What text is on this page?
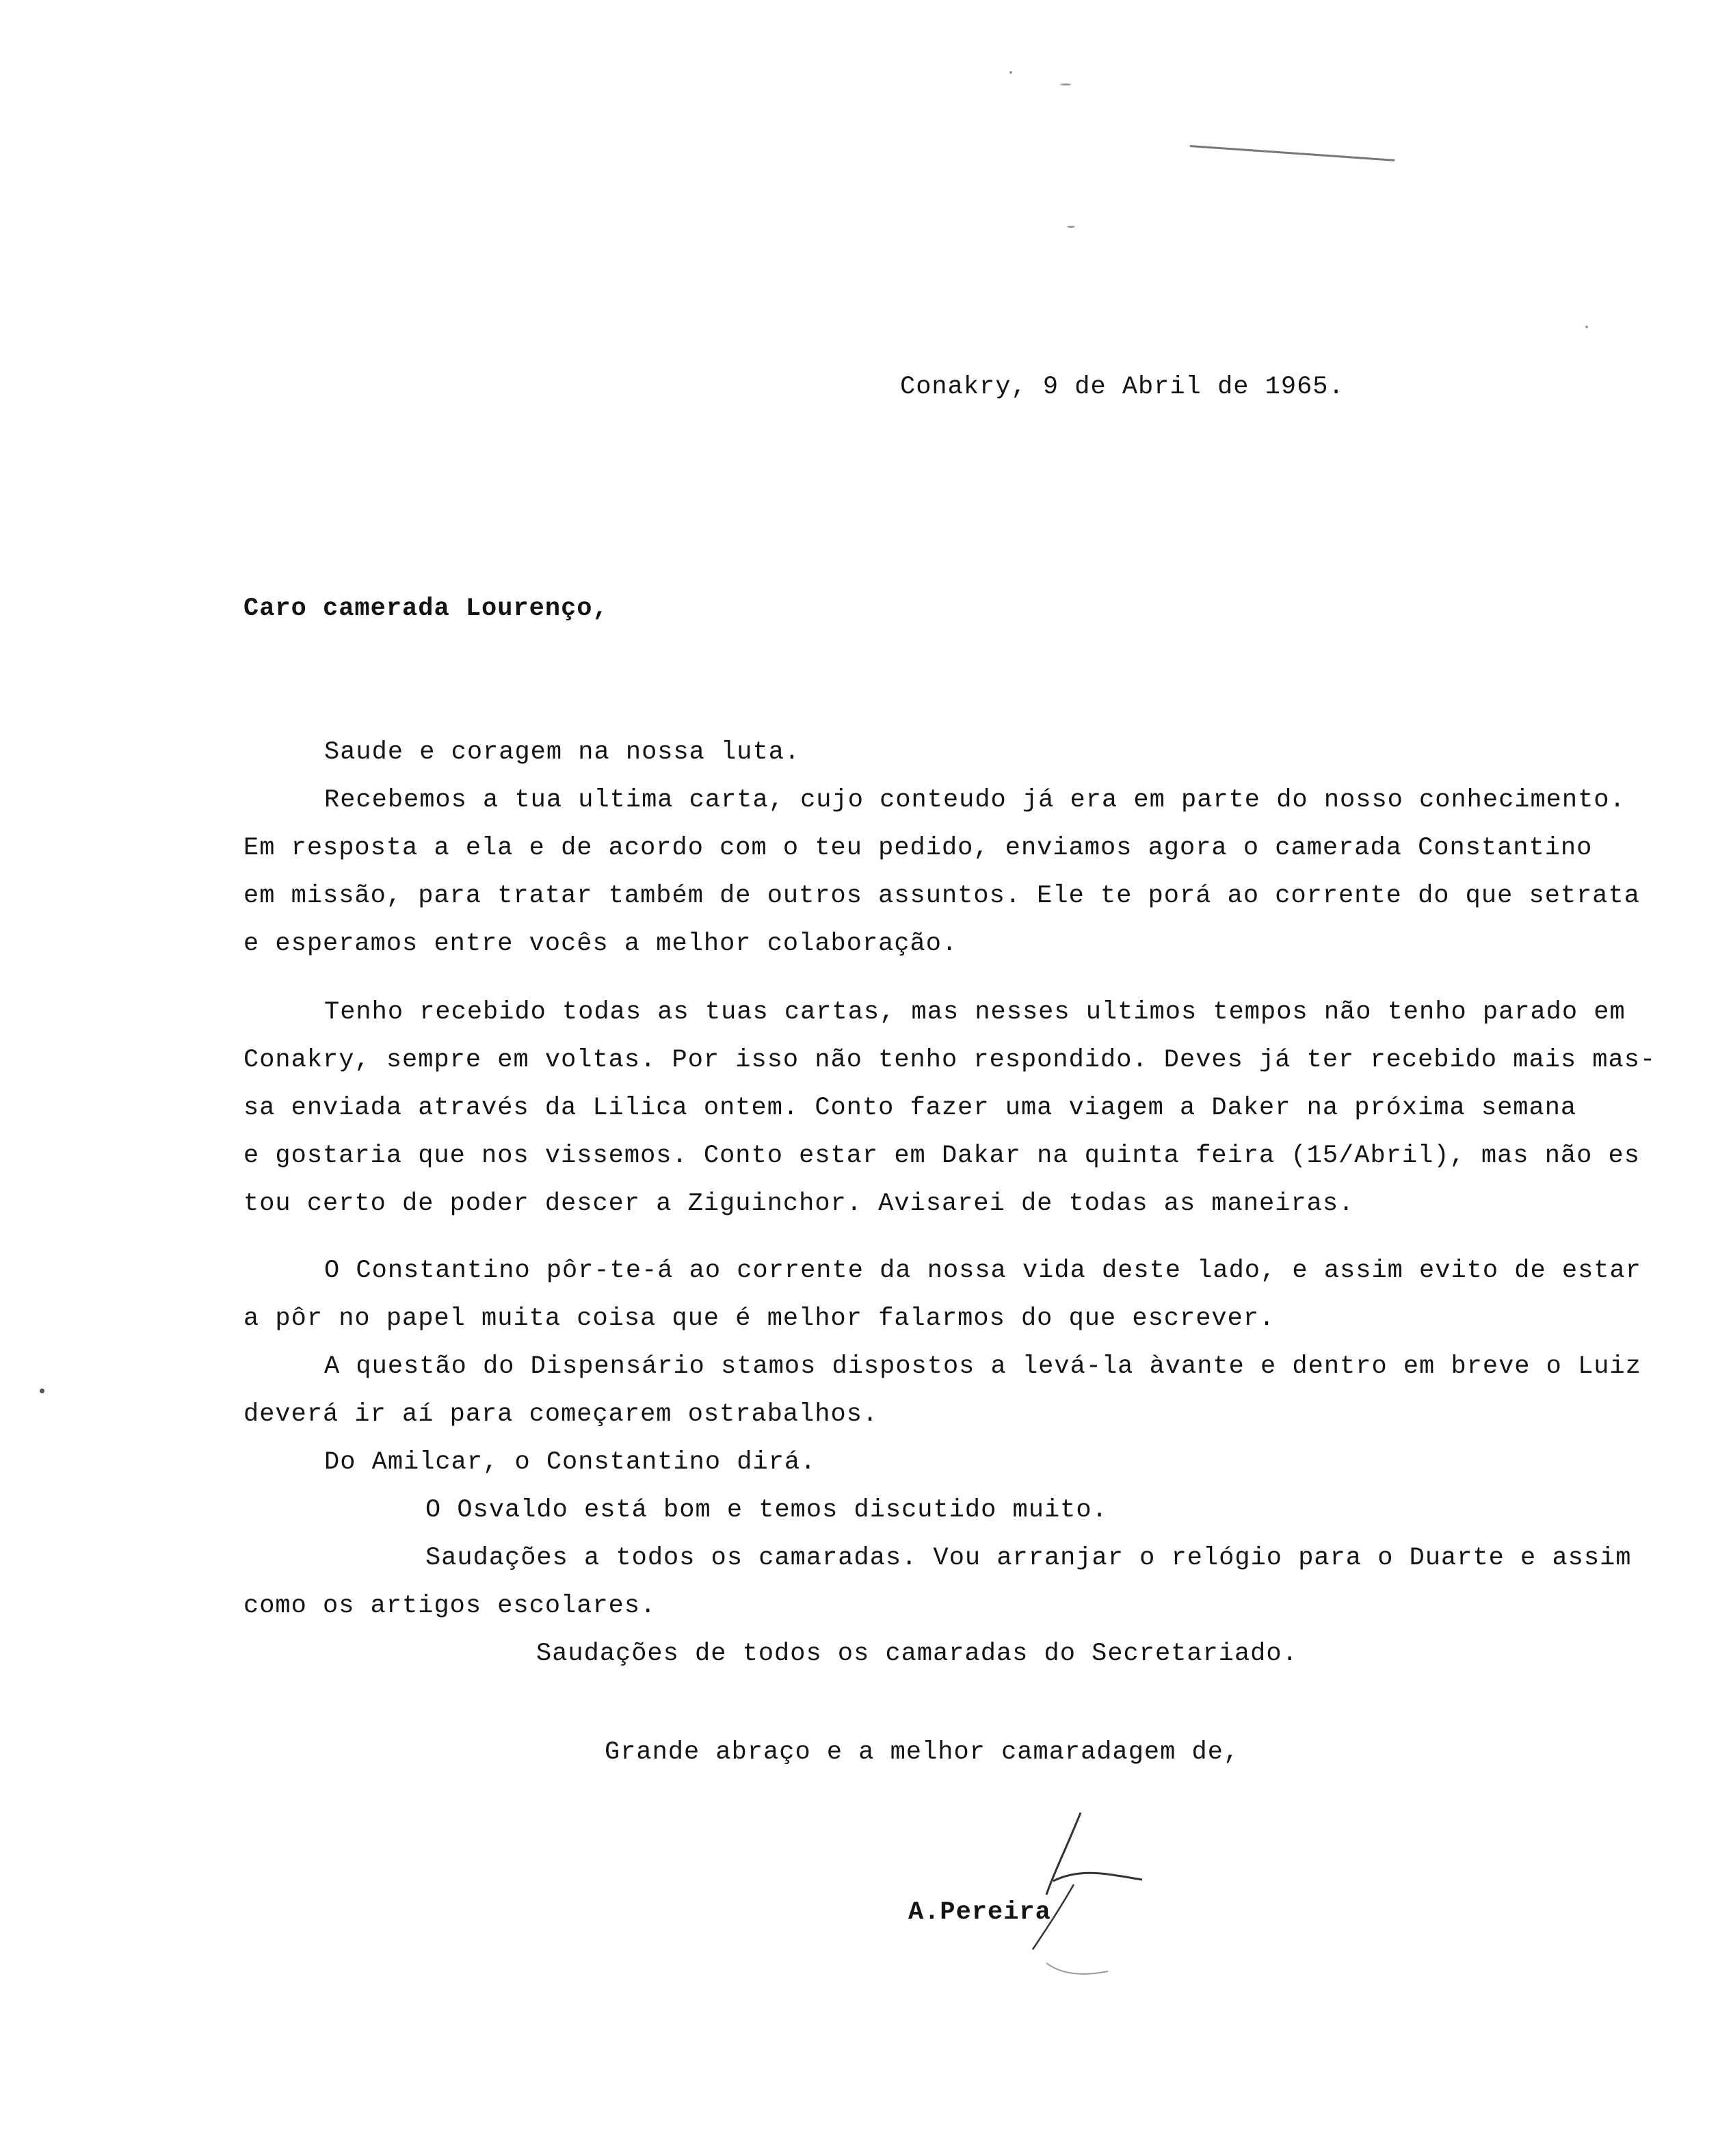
Conakry, 9 de Abril de 1965.
Caro camerada Lourenço,
Saude e coragem na nossa luta.
Recebemos a tua ultima carta, cujo conteudo já era em parte do nosso conhecimento.
Em resposta a ela e de acordo com o teu pedido, enviamos agora o camerada Constantino
em missão, para tratar também de outros assuntos. Ele te porá ao corrente do que setrata
e esperamos entre vocês a melhor colaboração.
Tenho recebido todas as tuas cartas, mas nesses ultimos tempos não tenho parado em
Conakry, sempre em voltas. Por isso não tenho respondido. Deves já ter recebido mais mas-
sa enviada através da Lilica ontem. Conto fazer uma viagem a Daker na próxima semana
e gostaria que nos vissemos. Conto estar em Dakar na quinta feira (15/Abril), mas não es
tou certo de poder descer a Ziguinchor. Avisarei de todas as maneiras.
O Constantino pôr-te-á ao corrente da nossa vida deste lado, e assim evito de estar
a pôr no papel muita coisa que é melhor falarmos do que escrever.
A questão do Dispensário stamos dispostos a levá-la àvante e dentro em breve o Luiz
deverá ir aí para começarem ostrabalhos.
Do Amilcar, o Constantino dirá.
O Osvaldo está bom e temos discutido muito.
Saudações a todos os camaradas. Vou arranjar o relógio para o Duarte e assim
como os artigos escolares.
Saudações de todos os camaradas do Secretariado.
Grande abraço e a melhor camaradagem de,
A.Pereira
